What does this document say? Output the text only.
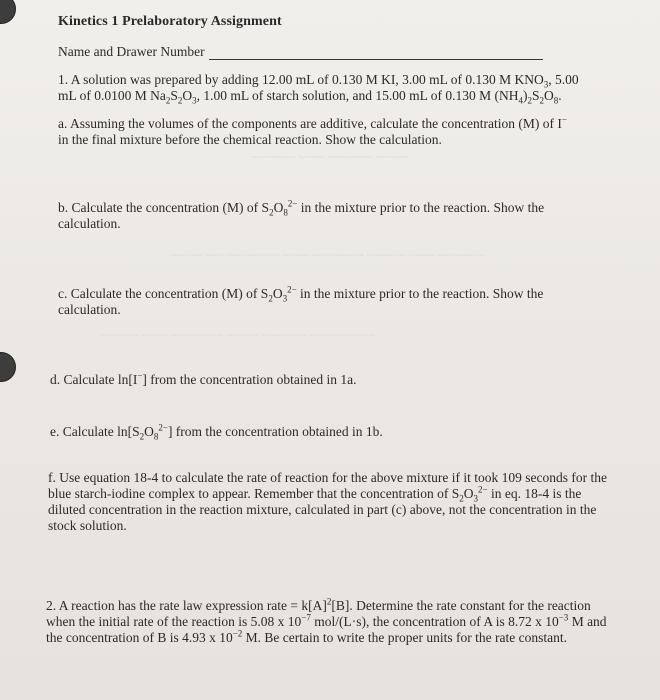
~~~~~~~ ~~~~ ~~~~~~~ ~~~~~
~~~~~ ~~~ ~~~~~~~~ ~~~~ ~~~~~~~~ ~~~~~~ ~~~~ ~~~~~~~
~~~~~~ ~~~~ ~~~~~~~~ ~~~~~ ~~~~~~~ ~~~~~~~~~~
Kinetics 1 Prelaboratory Assignment
Name and Drawer Number
1. A solution was prepared by adding 12.00 mL of 0.130 M KI, 3.00 mL of 0.130 M $KNO_3$, 5.00
mL of 0.0100 M $Na_2S_2O_3$, 1.00 mL of starch solution, and 15.00 mL of 0.130 M $(NH_4)_2S_2O_8$.
a. Assuming the volumes of the components are additive, calculate the concentration (M) of I−
in the final mixture before the chemical reaction. Show the calculation.
b. Calculate the concentration (M) of $S_2O_8^{2-}$ in the mixture prior to the reaction. Show the
calculation.
c. Calculate the concentration (M) of $S_2O_3^{2-}$ in the mixture prior to the reaction. Show the
calculation.
d. Calculate ln[I−] from the concentration obtained in 1a.
e. Calculate $\ln[S_2O_8^{2-}]$ from the concentration obtained in 1b.
f. Use equation 18-4 to calculate the rate of reaction for the above mixture if it took 109 seconds for the blue starch-iodine complex to appear. Remember that the concentration of $S_2O_3^{2-}$ in eq. 18-4 is the diluted concentration in the reaction mixture, calculated in part (c) above, not the concentration in the stock solution.
2. A reaction has the rate law expression rate = $k[A]^2[B]$. Determine the rate constant for the reaction when the initial rate of the reaction is 5.08 x $10^{-7}$ mol/(L·s), the concentration of A is 8.72 x $10^{-3}$ M and the concentration of B is 4.93 x $10^{-2}$ M. Be certain to write the proper units for the rate constant.
